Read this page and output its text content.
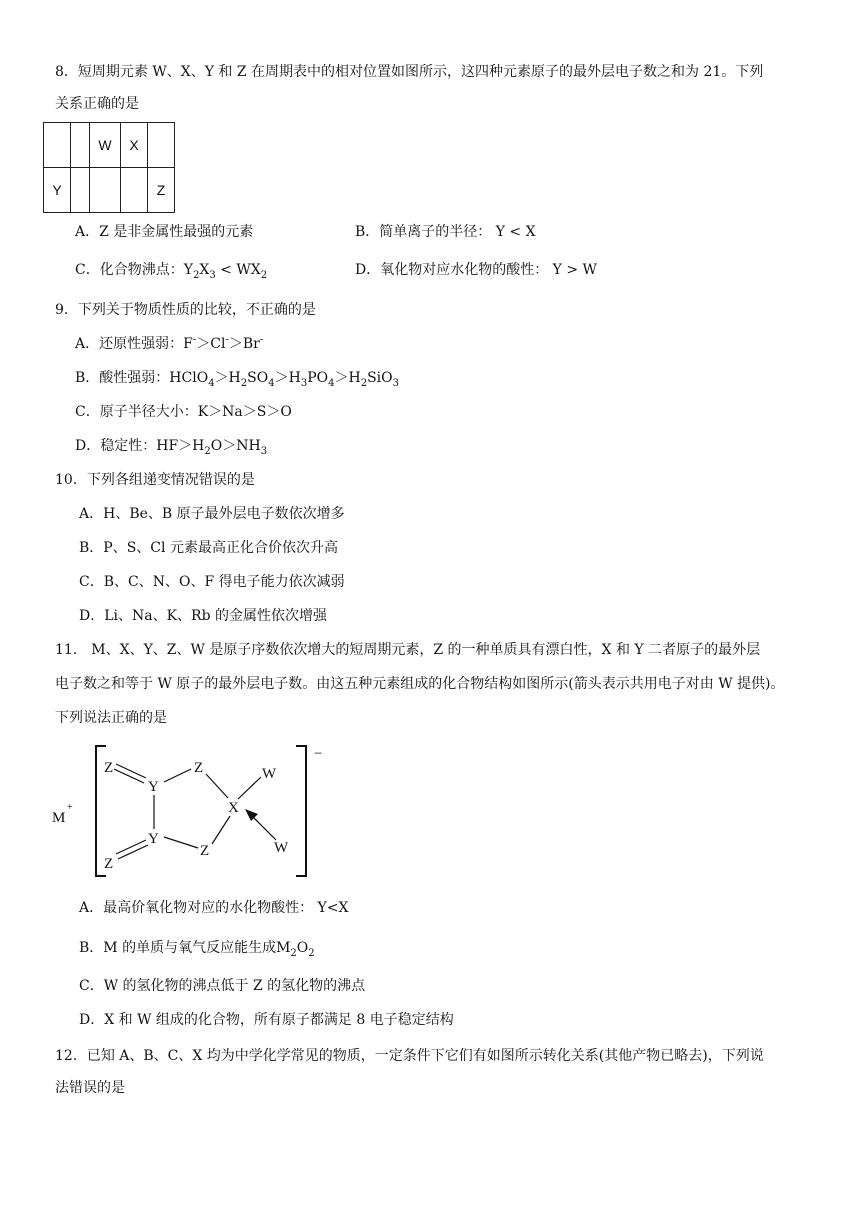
8．短周期元素 W、X、Y 和 Z 在周期表中的相对位置如图所示，这四种元素原子的最外层电子数之和为 21。下列
关系正确的是
		W	X	
Y				Z
A．Z 是非金属性最强的元素	B．简单离子的半径： Y < X
C．化合物沸点：$Y_2X_3 < WX_2$	D．氧化物对应水化物的酸性： Y > W
9．下列关于物质性质的比较，不正确的是
A．还原性强弱：F-＞Cl-＞Br-
B．酸性强弱：$HClO_4>H_2SO_4>H_3PO_4>H_2SiO_3$
C．原子半径大小：K＞Na＞S＞O
D．稳定性：$HF>H_2O>NH_3$
10．下列各组递变情况错误的是
A．H、Be、B 原子最外层电子数依次增多
B．P、S、Cl 元素最高正化合价依次升高
C．B、C、N、O、F 得电子能力依次减弱
D．Li、Na、K、Rb 的金属性依次增强
11． M、X、Y、Z、W 是原子序数依次增大的短周期元素，Z 的一种单质具有漂白性，X 和 Y 二者原子的最外层
电子数之和等于 W 原子的最外层电子数。由这五种元素组成的化合物结构如图所示(箭头表示共用电子对由 W 提供)。
下列说法正确的是
M
+
−
Z
Y
Z	W
X
Y
Z
Z
W
A．最高价氧化物对应的水化物酸性： Y<X
B．M 的单质与氧气反应能生成$M_2O_2$
C．W 的氢化物的沸点低于 Z 的氢化物的沸点
D．X 和 W 组成的化合物，所有原子都满足 8 电子稳定结构
12．已知 A、B、C、X 均为中学化学常见的物质，一定条件下它们有如图所示转化关系(其他产物已略去)，下列说
法错误的是
